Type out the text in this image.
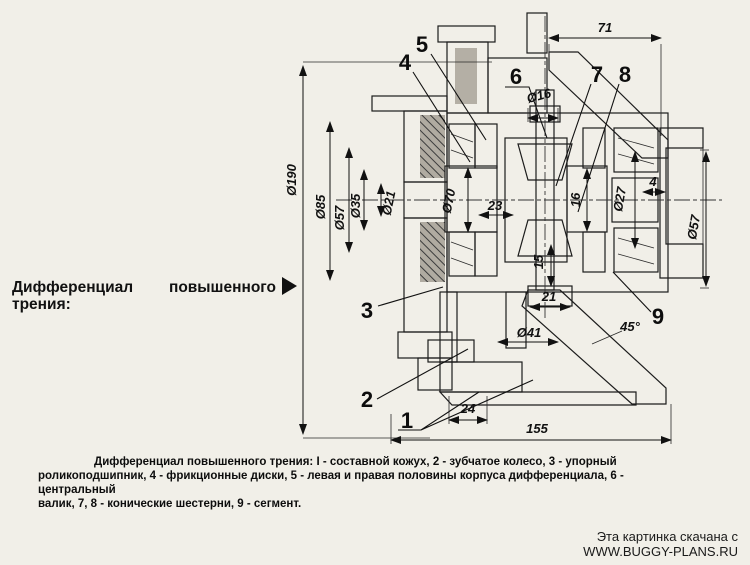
Дифференциал повышенного
трения:
Ø190
Ø85 Ø57 Ø35 Ø21	Ø70 23
Ø16
71
16 Ø27
4
Ø57
15
21
Ø41	45°
24
155
5
4
6	7 8
3	9
2
1
Дифференциал повышенного трения: I - составной кожух, 2 - зубчатое колесо, 3 - упорный
роликоподшипник, 4 - фрикционные диски, 5 - левая и правая половины корпуса дифференциала, 6 - центральный
валик, 7, 8 - конические шестерни, 9 - сегмент.
Эта картинка скачана с
WWW.BUGGY-PLANS.RU
